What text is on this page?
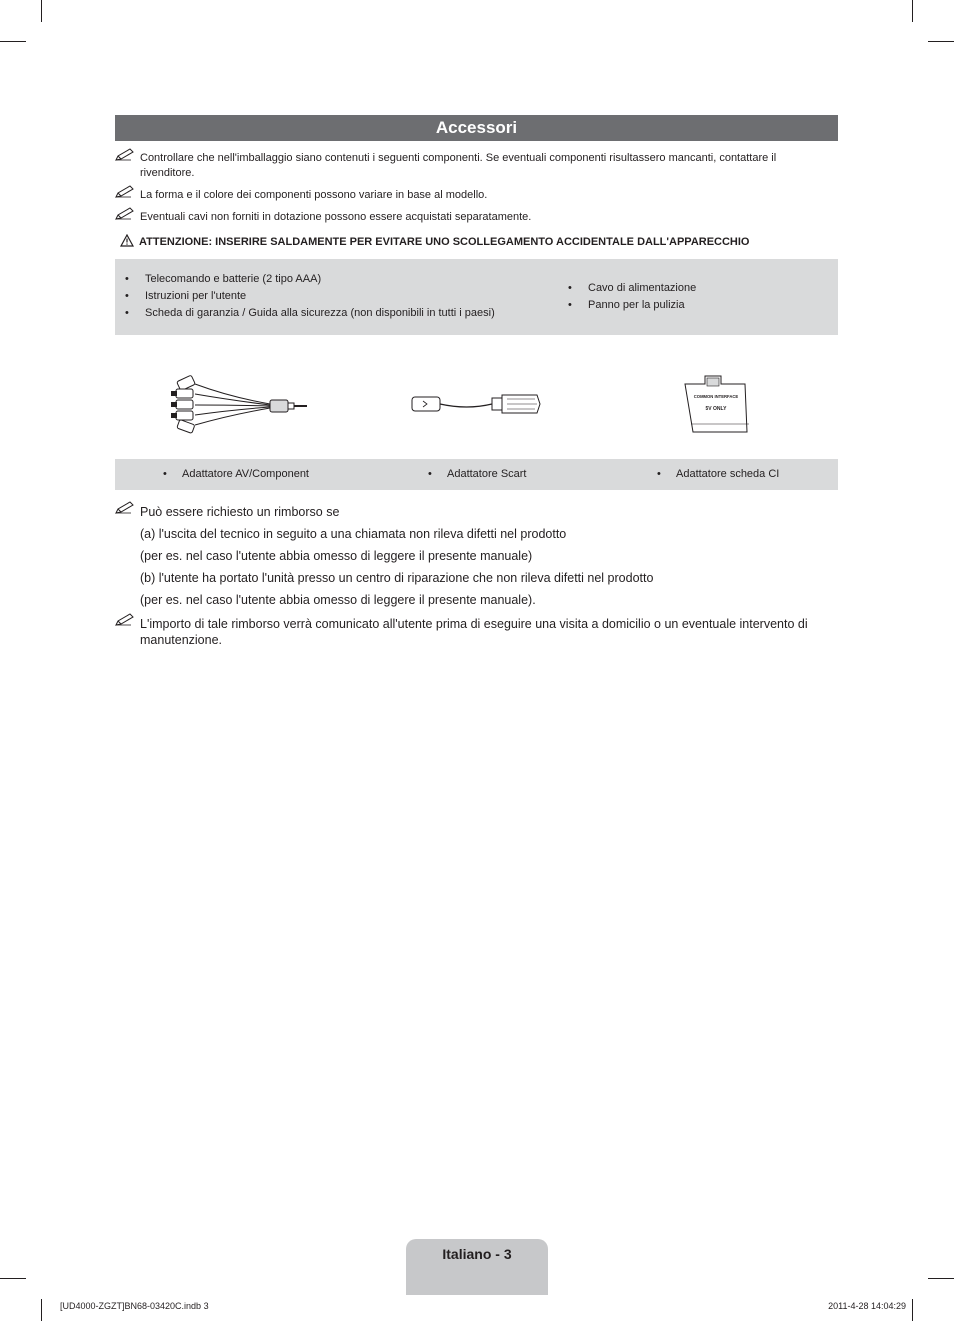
Accessori
Controllare che nell'imballaggio siano contenuti i seguenti componenti. Se eventuali componenti risultassero mancanti, contattare il rivenditore.
La forma e il colore dei componenti possono variare in base al modello.
Eventuali cavi non forniti in dotazione possono essere acquistati separatamente.
ATTENZIONE: INSERIRE SALDAMENTE PER EVITARE UNO SCOLLEGAMENTO ACCIDENTALE DALL'APPARECCHIO
• Telecomando e batterie (2 tipo AAA)
• Istruzioni per l'utente
• Scheda di garanzia / Guida alla sicurezza (non disponibili in tutti i paesi)
• Cavo di alimentazione
• Panno per la pulizia
COMMON INTERFACE
5V ONLY
• Adattatore AV/Component	• Adattatore Scart	• Adattatore scheda CI
Può essere richiesto un rimborso se
(a) l'uscita del tecnico in seguito a una chiamata non rileva difetti nel prodotto
(per es. nel caso l'utente abbia omesso di leggere il presente manuale)
(b) l'utente ha portato l'unità presso un centro di riparazione che non rileva difetti nel prodotto
(per es. nel caso l'utente abbia omesso di leggere il presente manuale).
L'importo di tale rimborso verrà comunicato all'utente prima di eseguire una visita a domicilio o un eventuale intervento di manutenzione.
Italiano - 3
[UD4000-ZGZT]BN68-03420C.indb 3	2011-4-28 14:04:29
